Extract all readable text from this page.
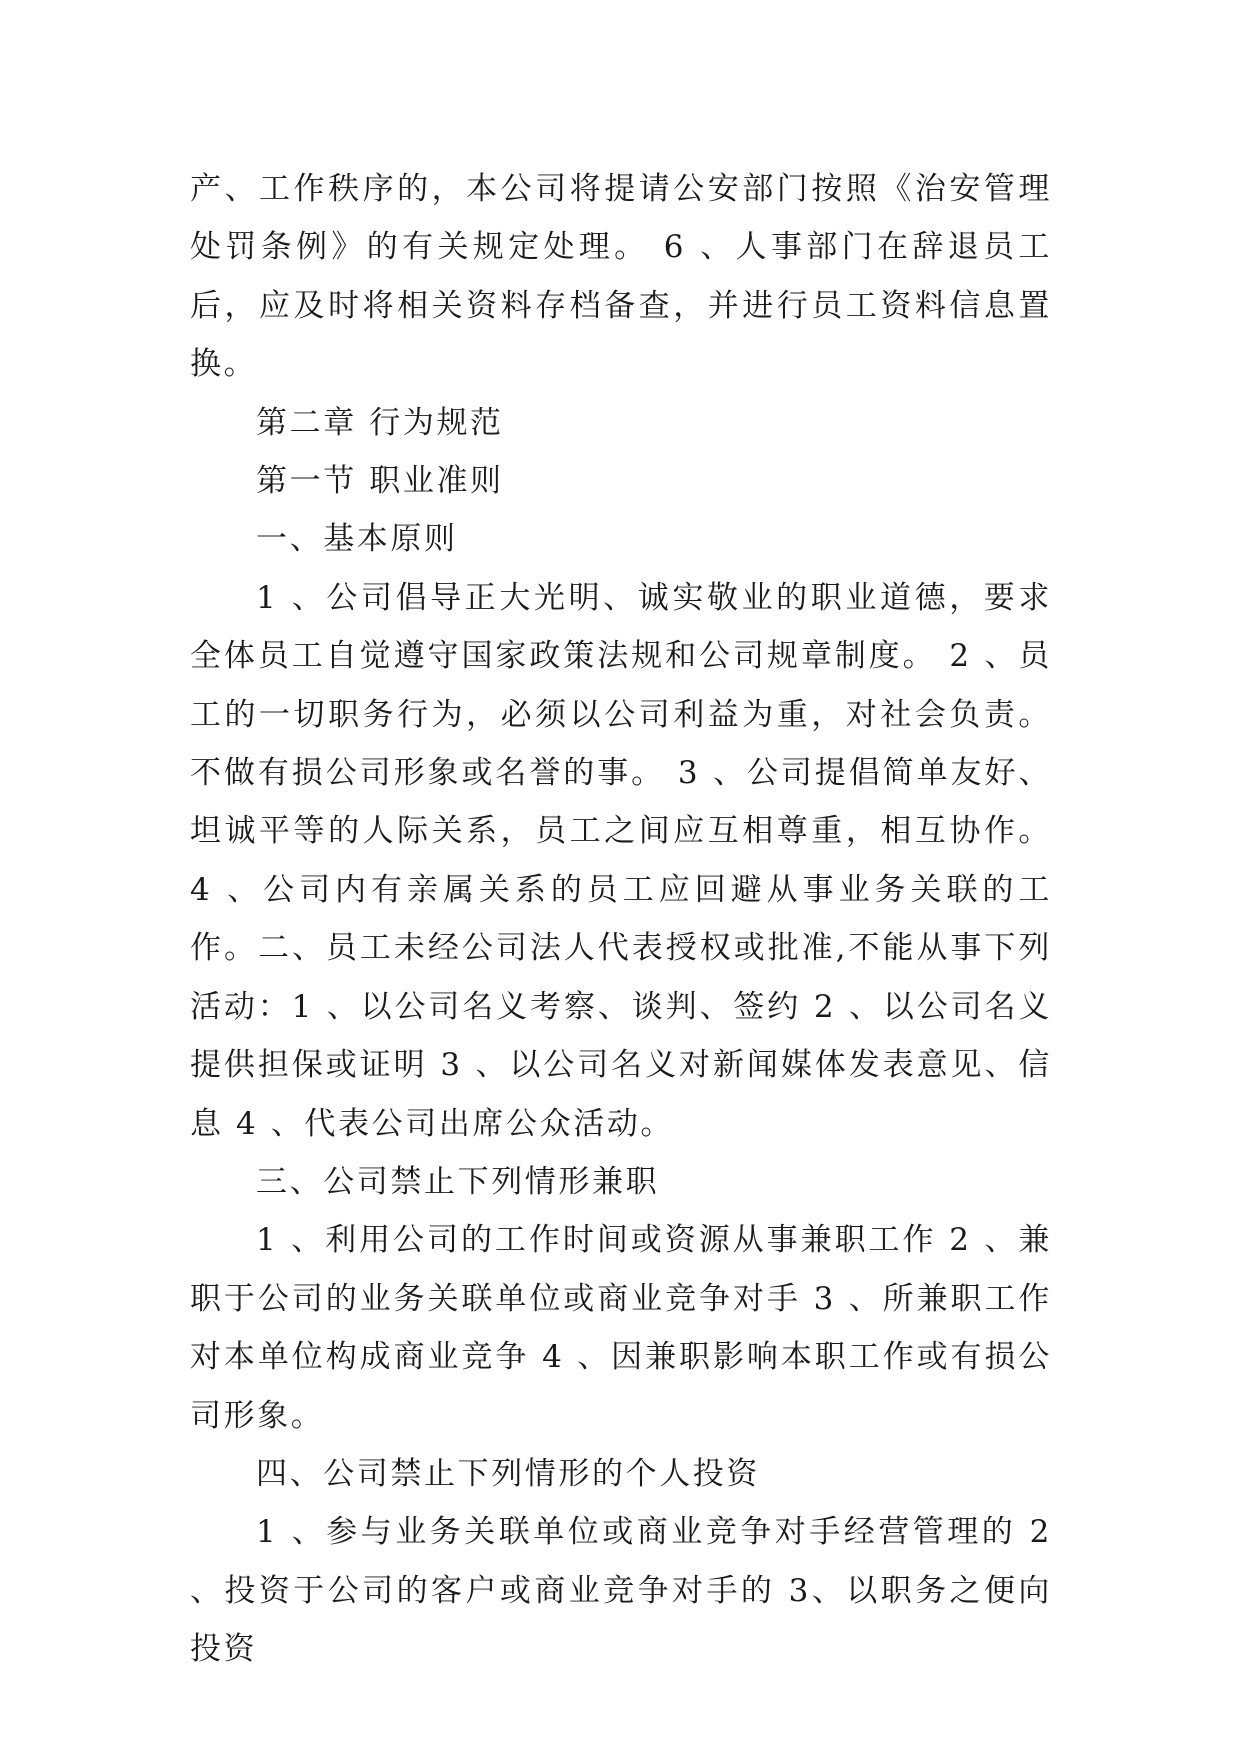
产、工作秩序的，本公司将提请公安部门按照《治安管理处罚条例》的有关规定处理。 6 、人事部门在辞退员工后，应及时将相关资料存档备查，并进行员工资料信息置换。

第二章 行为规范

第一节 职业准则

一、基本原则

1 、公司倡导正大光明、诚实敬业的职业道德，要求全体员工自觉遵守国家政策法规和公司规章制度。 2 、员工的一切职务行为，必须以公司利益为重，对社会负责。不做有损公司形象或名誉的事。 3 、公司提倡简单友好、坦诚平等的人际关系，员工之间应互相尊重，相互协作。 4 、公司内有亲属关系的员工应回避从事业务关联的工作。二、员工未经公司法人代表授权或批准,不能从事下列活动：1 、以公司名义考察、谈判、签约 2 、以公司名义提供担保或证明 3 、以公司名义对新闻媒体发表意见、信息 4 、代表公司出席公众活动。

三、公司禁止下列情形兼职

1 、利用公司的工作时间或资源从事兼职工作 2 、兼职于公司的业务关联单位或商业竞争对手 3 、所兼职工作对本单位构成商业竞争 4 、因兼职影响本职工作或有损公司形象。

四、公司禁止下列情形的个人投资

1 、参与业务关联单位或商业竞争对手经营管理的 2 、投资于公司的客户或商业竞争对手的 3、以职务之便向投资
